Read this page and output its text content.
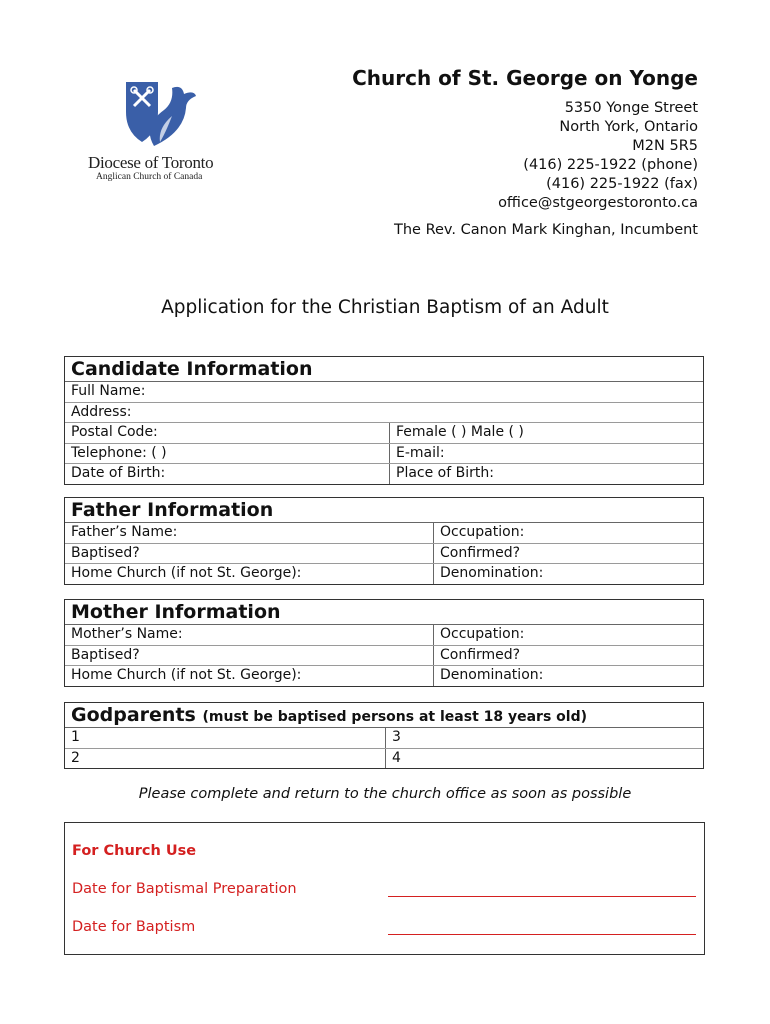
Diocese of Toronto
Anglican Church of Canada
Church of St. George on Yonge
5350 Yonge Street
North York, Ontario
M2N 5R5
(416) 225-1922 (phone)
(416) 225-1922 (fax)
office@stgeorgestoronto.ca
The Rev. Canon Mark Kinghan, Incumbent
Application for the Christian Baptism of an Adult
Candidate Information
Full Name:
Address:
Postal Code:	Female ( ) Male ( )
Telephone: ( )	E-mail:
Date of Birth:	Place of Birth:
Father Information
Father’s Name:	Occupation:
Baptised?	Confirmed?
Home Church (if not St. George):	Denomination:
Mother Information
Mother’s Name:	Occupation:
Baptised?	Confirmed?
Home Church (if not St. George):	Denomination:
Godparents (must be baptised persons at least 18 years old)
1	3
2	4
Please complete and return to the church office as soon as possible
For Church Use
Date for Baptismal Preparation
Date for Baptism
